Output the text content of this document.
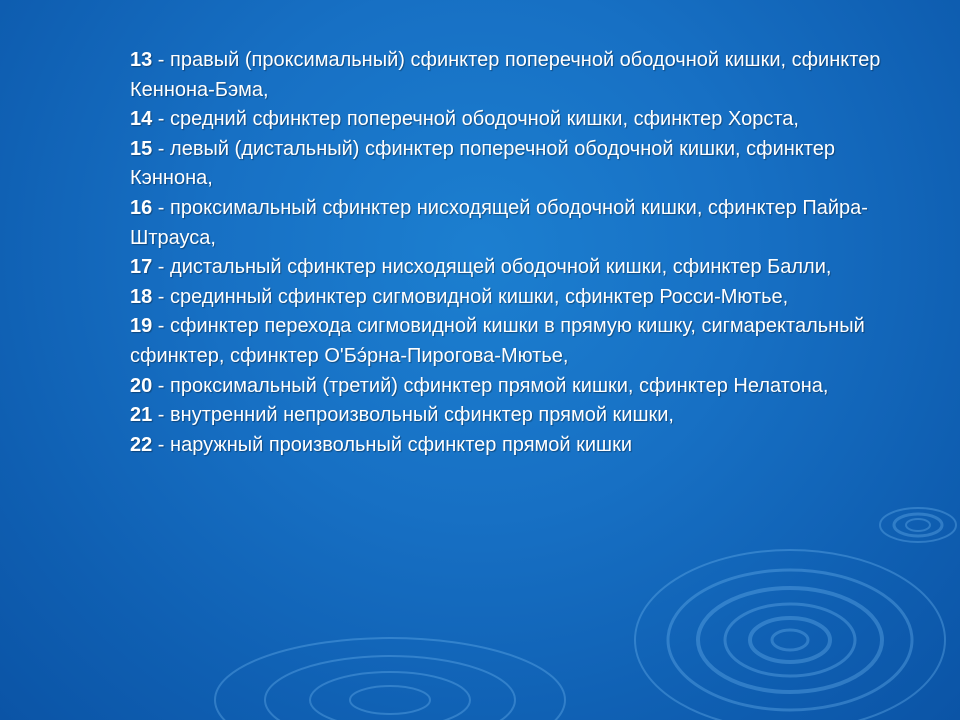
13 - правый (проксимальный) сфинктер поперечной ободочной кишки, сфинктер Кеннона-Бэма,
14 - средний сфинктер поперечной ободочной кишки, сфинктер Хорста,
15 - левый (дистальный) сфинктер поперечной ободочной кишки, сфинктер Кэннона,
16 - проксимальный сфинктер нисходящей ободочной кишки, сфинктер Пайра-Штрауса,
17 - дистальный сфинктер нисходящей ободочной кишки, сфинктер Балли,
18 - срединный сфинктер сигмовидной кишки, сфинктер Росси-Мютье,
19 - сфинктер перехода сигмовидной кишки в прямую кишку, сигмаректальный сфинктер, сфинктер О'Бэ́рна-Пирогова-Мютье,
20 - проксимальный (третий) сфинктер прямой кишки, сфинктер Нелатона,
21 - внутренний непроизвольный сфинктер прямой кишки,
22 - наружный произвольный сфинктер прямой кишки
